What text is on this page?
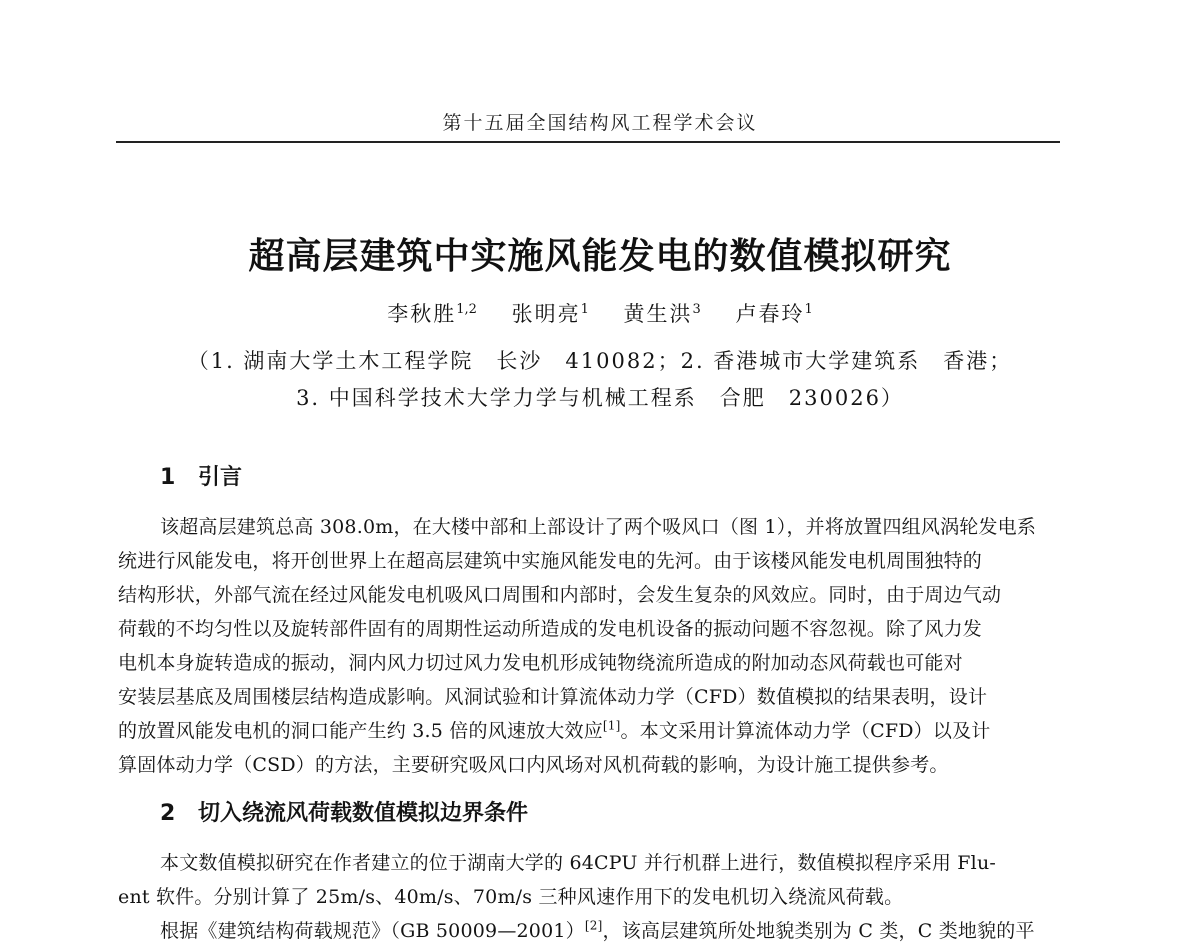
第十五届全国结构风工程学术会议
超高层建筑中实施风能发电的数值模拟研究
李秋胜$^{1,2}$ 张明亮$^1$ 黄生洪$^3$ 卢春玲$^1$
（1. 湖南大学土木工程学院　长沙　410082；2. 香港城市大学建筑系　香港；
3. 中国科学技术大学力学与机械工程系　合肥　230026）
1 引言
该超高层建筑总高 308.0m，在大楼中部和上部设计了两个吸风口（图 1），并将放置四组风涡轮发电系
统进行风能发电，将开创世界上在超高层建筑中实施风能发电的先河。由于该楼风能发电机周围独特的
结构形状，外部气流在经过风能发电机吸风口周围和内部时，会发生复杂的风效应。同时，由于周边气动
荷载的不均匀性以及旋转部件固有的周期性运动所造成的发电机设备的振动问题不容忽视。除了风力发
电机本身旋转造成的振动，洞内风力切过风力发电机形成钝物绕流所造成的附加动态风荷载也可能对
安装层基底及周围楼层结构造成影响。风洞试验和计算流体动力学（CFD）数值模拟的结果表明，设计
的放置风能发电机的洞口能产生约 3.5 倍的风速放大效应[1]。本文采用计算流体动力学（CFD）以及计
算固体动力学（CSD）的方法，主要研究吸风口内风场对风机荷载的影响，为设计施工提供参考。
2 切入绕流风荷载数值模拟边界条件
本文数值模拟研究在作者建立的位于湖南大学的 64CPU 并行机群上进行，数值模拟程序采用 Flu-
ent 软件。分别计算了 25m/s、40m/s、70m/s 三种风速作用下的发电机切入绕流风荷载。
根据《建筑结构荷载规范》（GB 50009—2001）[2]，该高层建筑所处地貌类别为 C 类，C 类地貌的平
